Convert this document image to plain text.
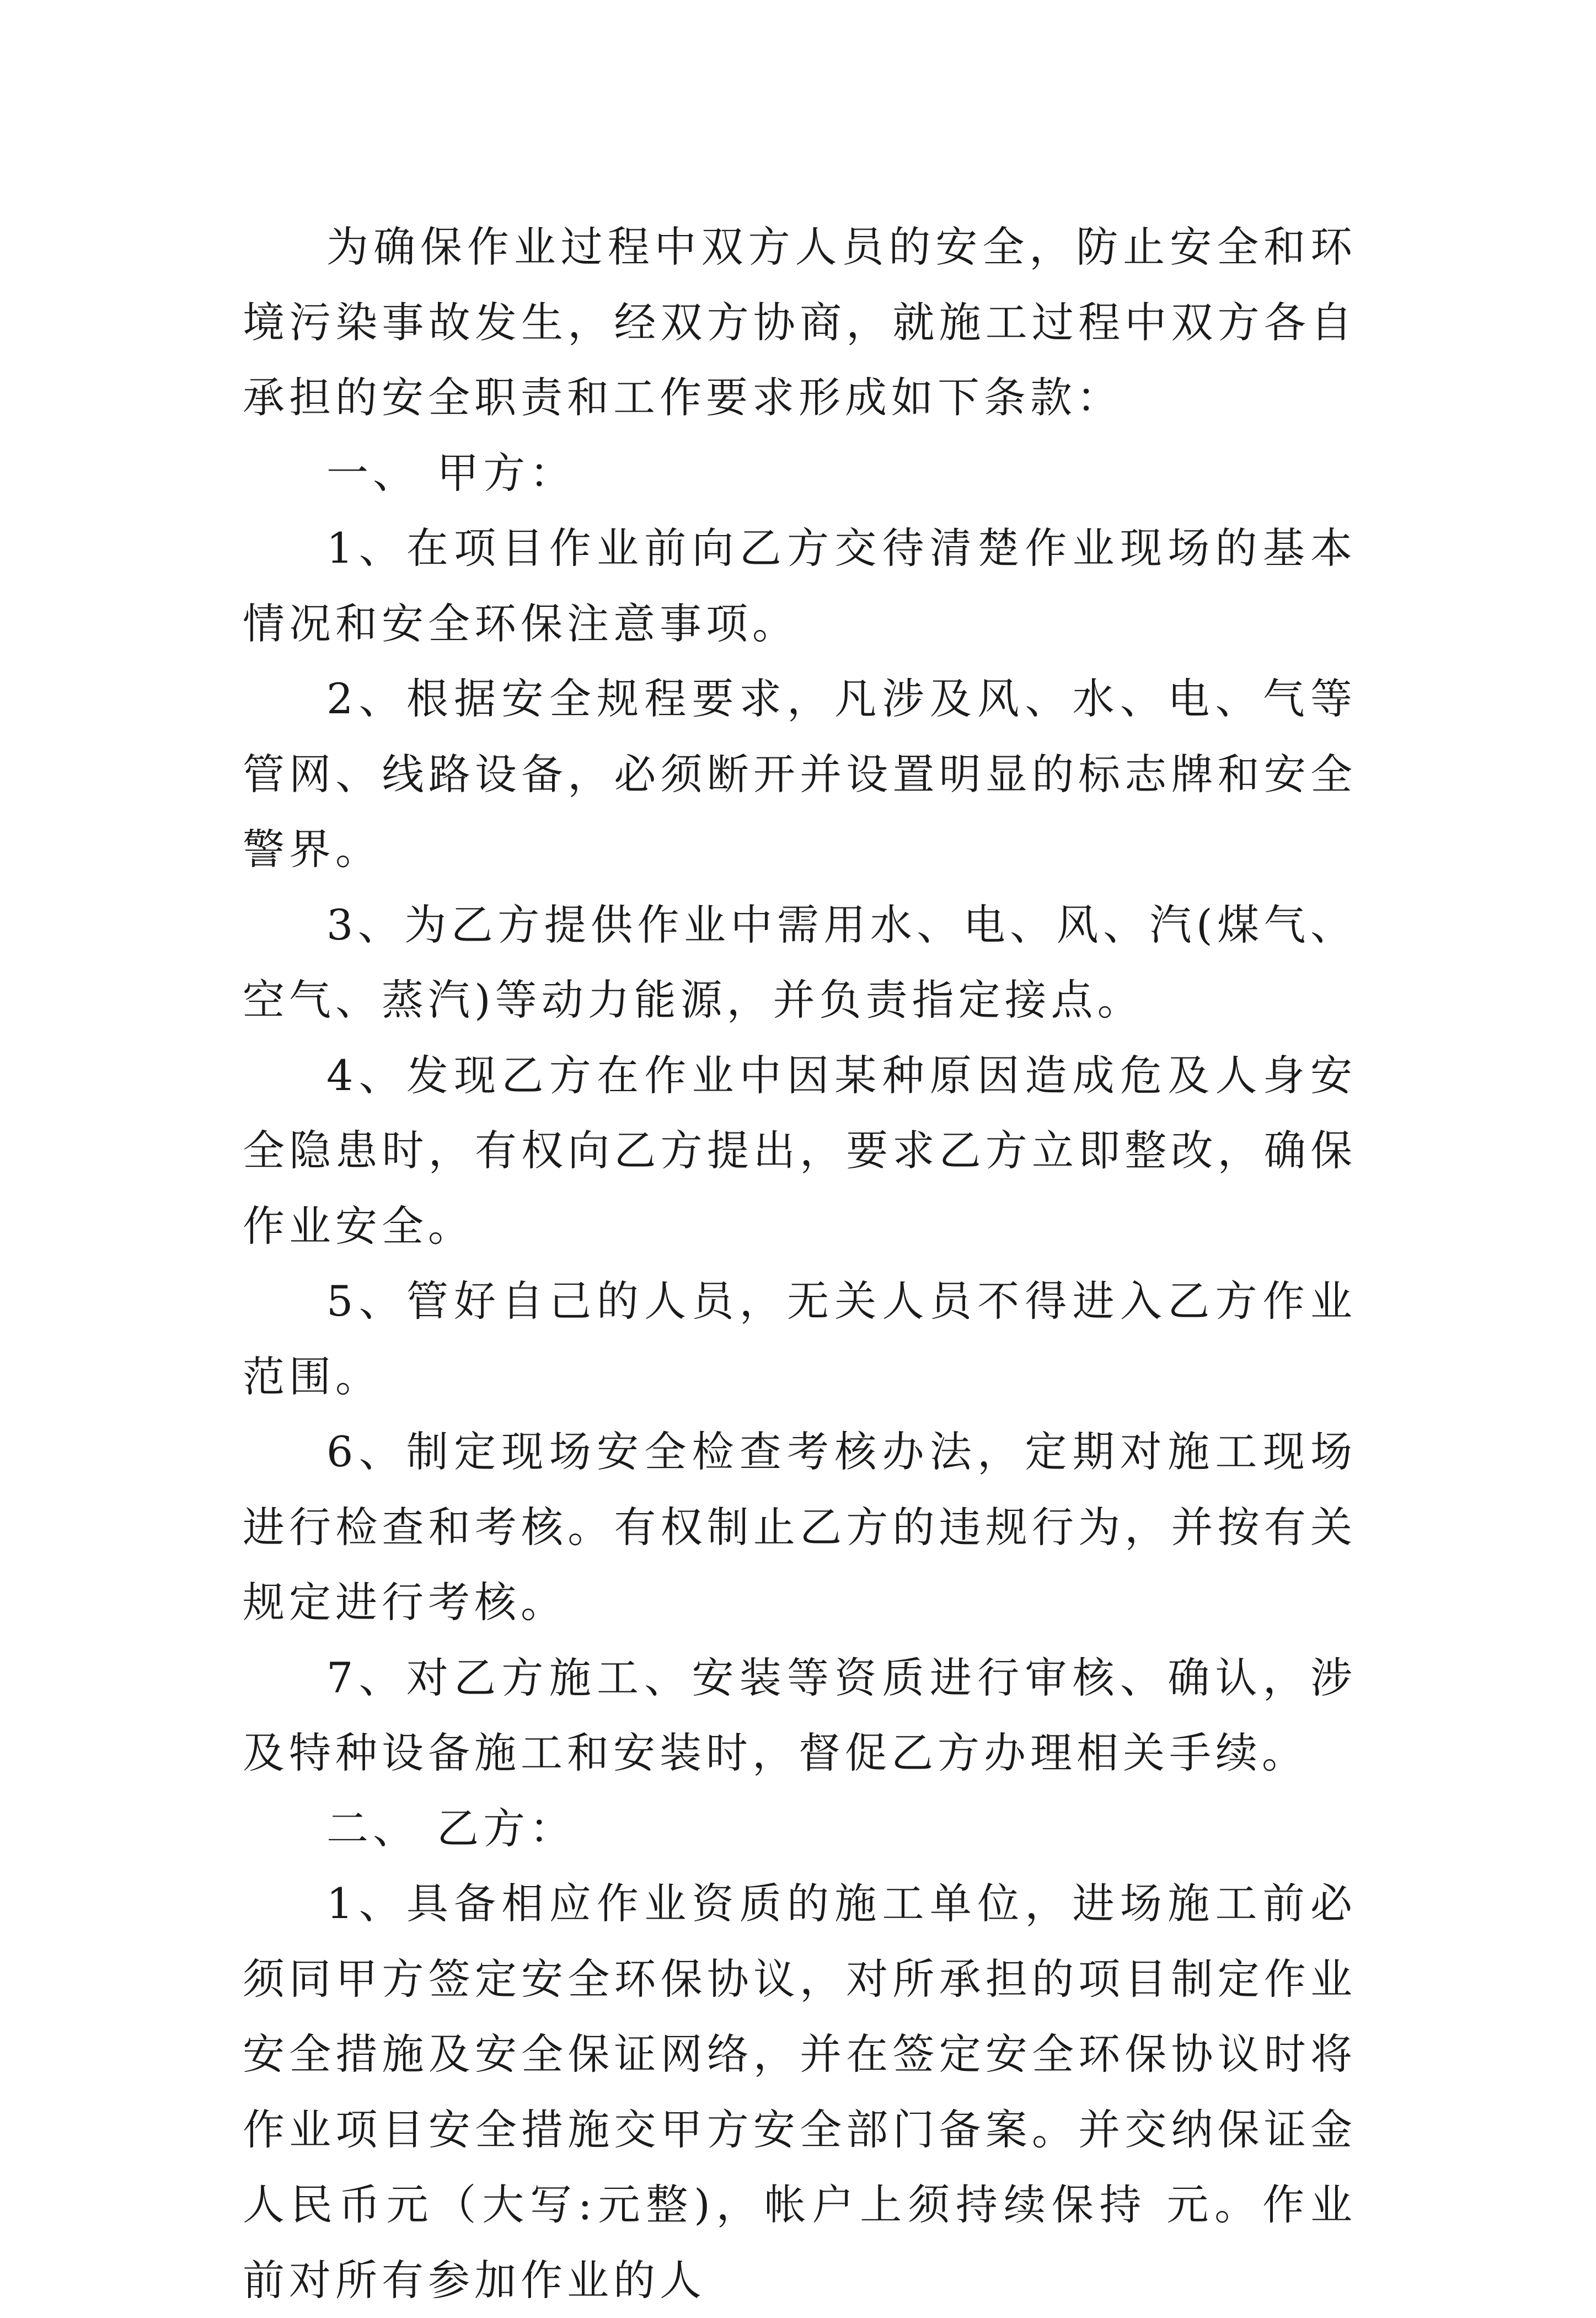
为确保作业过程中双方人员的安全，防止安全和环境污染事故发生，经双方协商，就施工过程中双方各自承担的安全职责和工作要求形成如下条款：

一、 甲方：

1、在项目作业前向乙方交待清楚作业现场的基本情况和安全环保注意事项。

2、根据安全规程要求，凡涉及风、水、电、气等管网、线路设备，必须断开并设置明显的标志牌和安全警界。

3、为乙方提供作业中需用水、电、风、汽(煤气、空气、蒸汽)等动力能源，并负责指定接点。

4、发现乙方在作业中因某种原因造成危及人身安全隐患时，有权向乙方提出，要求乙方立即整改，确保作业安全。

5、管好自己的人员，无关人员不得进入乙方作业范围。

6、制定现场安全检查考核办法，定期对施工现场进行检查和考核。有权制止乙方的违规行为，并按有关规定进行考核。

7、对乙方施工、安装等资质进行审核、确认，涉及特种设备施工和安装时，督促乙方办理相关手续。

二、 乙方：

1、具备相应作业资质的施工单位，进场施工前必须同甲方签定安全环保协议，对所承担的项目制定作业安全措施及安全保证网络，并在签定安全环保协议时将作业项目安全措施交甲方安全部门备案。并交纳保证金人民币元（大写:元整)，帐户上须持续保持 元。作业前对所有参加作业的人
